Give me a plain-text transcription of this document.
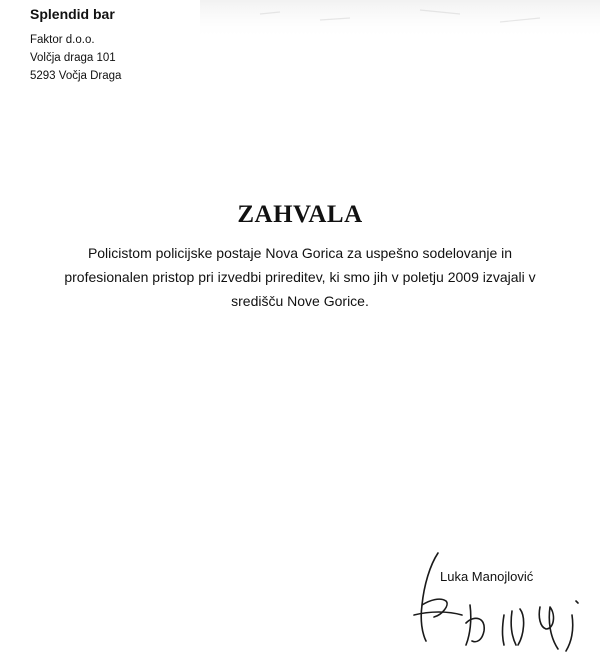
Splendid bar
Faktor d.o.o.
Volčja draga 101
5293 Vočja Draga
ZAHVALA
Policistom policijske postaje Nova Gorica za uspešno sodelovanje in
profesionalen pristop pri izvedbi prireditev, ki smo jih v poletju 2009 izvajali v
središču Nove Gorice.
Luka Manojlović
